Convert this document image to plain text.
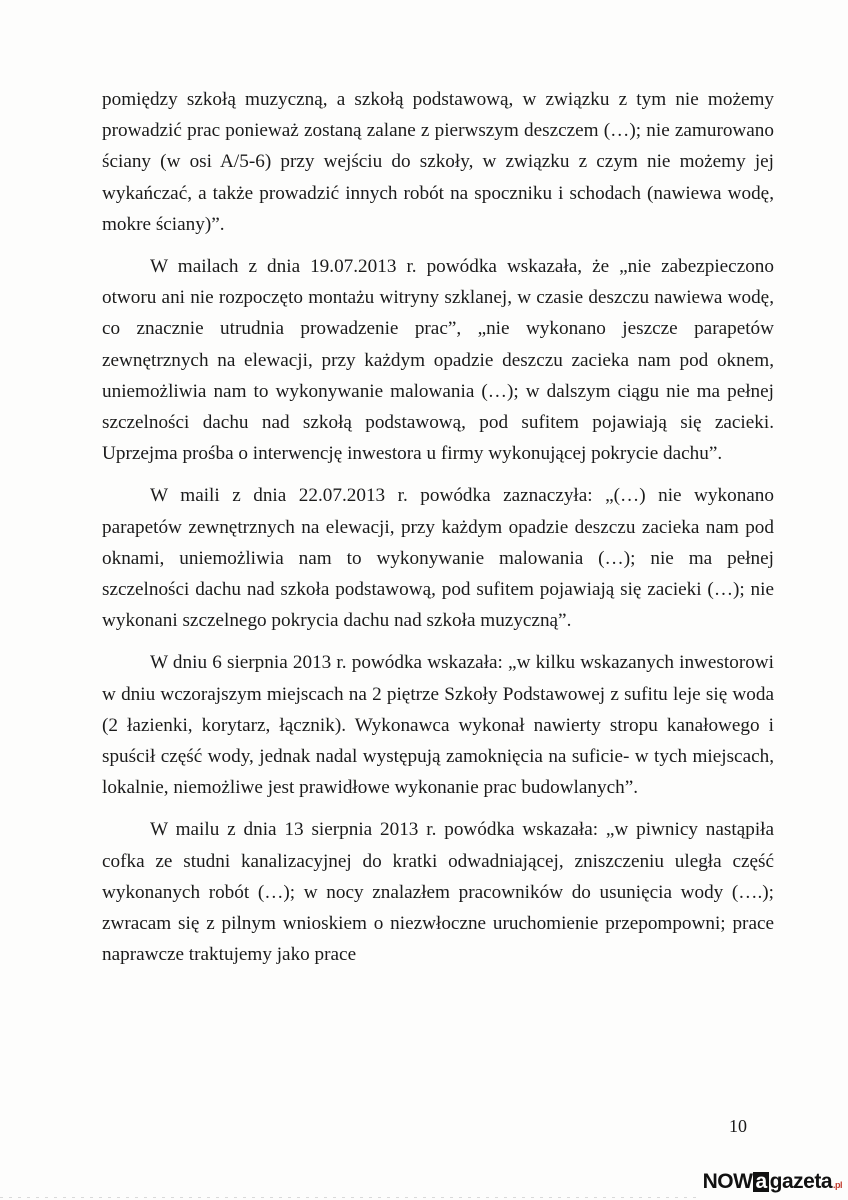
pomiędzy szkołą muzyczną, a szkołą podstawową, w związku z tym nie możemy prowadzić prac ponieważ zostaną zalane z pierwszym deszczem (…); nie zamurowano ściany (w osi A/5-6) przy wejściu do szkoły, w związku z czym nie możemy jej wykańczać, a także prowadzić innych robót na spoczniku i schodach (nawiewa wodę, mokre ściany)”.

W mailach z dnia 19.07.2013 r. powódka wskazała, że „nie zabezpieczono otworu ani nie rozpoczęto montażu witryny szklanej, w czasie deszczu nawiewa wodę, co znacznie utrudnia prowadzenie prac”, „nie wykonano jeszcze parapetów zewnętrznych na elewacji, przy każdym opadzie deszczu zacieka nam pod oknem, uniemożliwia nam to wykonywanie malowania (…); w dalszym ciągu nie ma pełnej szczelności dachu nad szkołą podstawową, pod sufitem pojawiają się zacieki. Uprzejma prośba o interwencję inwestora u firmy wykonującej pokrycie dachu”.

W maili z dnia 22.07.2013 r. powódka zaznaczyła: „(…) nie wykonano parapetów zewnętrznych na elewacji, przy każdym opadzie deszczu zacieka nam pod oknami, uniemożliwia nam to wykonywanie malowania (…); nie ma pełnej szczelności dachu nad szkoła podstawową, pod sufitem pojawiają się zacieki (…); nie wykonani szczelnego pokrycia dachu nad szkoła muzyczną”.

W dniu 6 sierpnia 2013 r. powódka wskazała: „w kilku wskazanych inwestorowi w dniu wczorajszym miejscach na 2 piętrze Szkoły Podstawowej z sufitu leje się woda (2 łazienki, korytarz, łącznik). Wykonawca wykonał nawierty stropu kanałowego i spuścił część wody, jednak nadal występują zamoknięcia na suficie- w tych miejscach, lokalnie, niemożliwe jest prawidłowe wykonanie prac budowlanych”.

W mailu z dnia 13 sierpnia 2013 r. powódka wskazała: „w piwnicy nastąpiła cofka ze studni kanalizacyjnej do kratki odwadniającej, zniszczeniu uległa część wykonanych robót (…); w nocy znalazłem pracowników do usunięcia wody (….); zwracam się z pilnym wnioskiem o niezwłoczne uruchomienie przepompowni; prace naprawcze traktujemy jako prace

10
NOW a gazeta .pl
